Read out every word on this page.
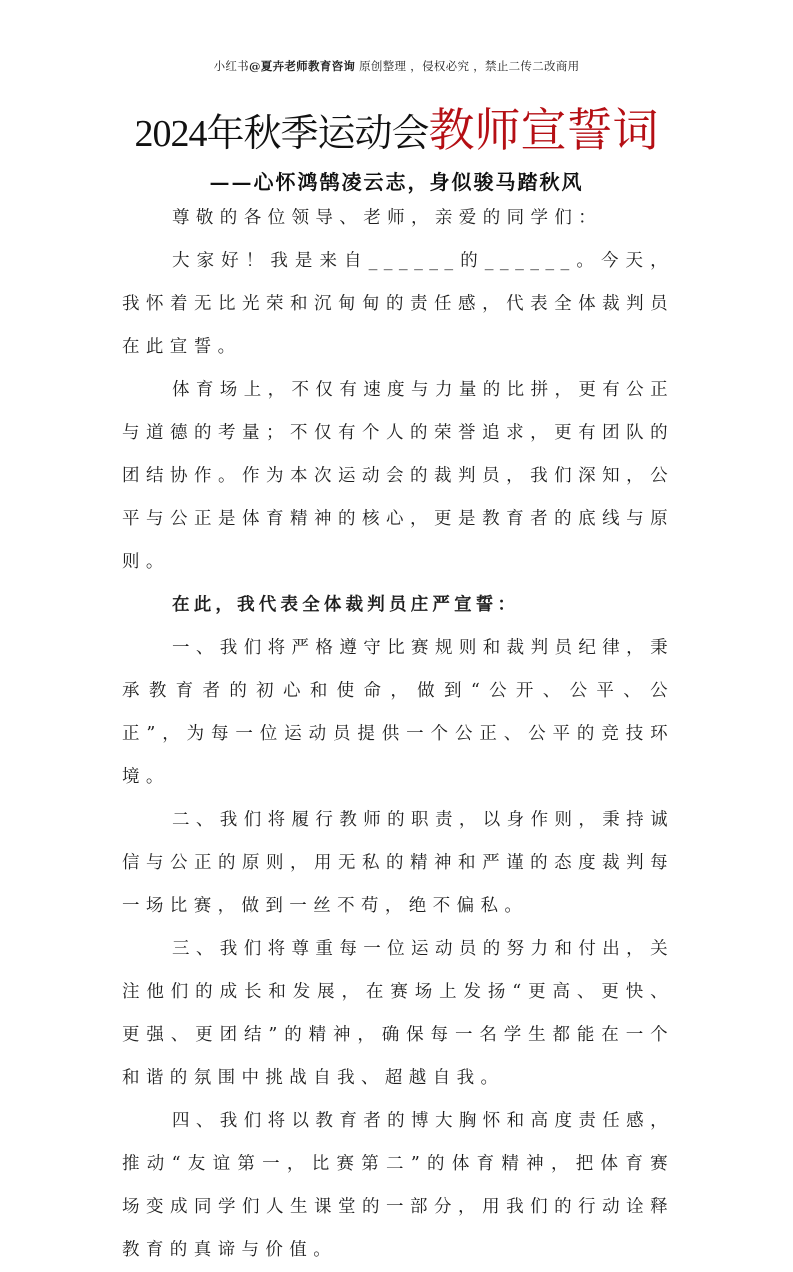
小红书@夏卉老师教育咨询 原创整理 ，侵权必究 ，禁止二传二改商用
2024年秋季运动会教师宣誓词
——心怀鸿鹄凌云志，身似骏马踏秋风

尊敬的各位领导、老师，亲爱的同学们：

大家好！我是来自______的______。今天，我怀着无比光荣和沉甸甸的责任感，代表全体裁判员在此宣誓。

体育场上，不仅有速度与力量的比拼，更有公正与道德的考量；不仅有个人的荣誉追求，更有团队的团结协作。作为本次运动会的裁判员，我们深知，公平与公正是体育精神的核心，更是教育者的底线与原则。

在此，我代表全体裁判员庄严宣誓：

一、我们将严格遵守比赛规则和裁判员纪律，秉承教育者的初心和使命，做到“公开、公平、公正”，为每一位运动员提供一个公正、公平的竞技环境。

二、我们将履行教师的职责，以身作则，秉持诚信与公正的原则，用无私的精神和严谨的态度裁判每一场比赛，做到一丝不苟，绝不偏私。

三、我们将尊重每一位运动员的努力和付出，关注他们的成长和发展，在赛场上发扬“更高、更快、更强、更团结”的精神，确保每一名学生都能在一个和谐的氛围中挑战自我、超越自我。

四、我们将以教育者的博大胸怀和高度责任感，推动“友谊第一，比赛第二”的体育精神，把体育赛场变成同学们人生课堂的一部分，用我们的行动诠释教育的真谛与价值。
